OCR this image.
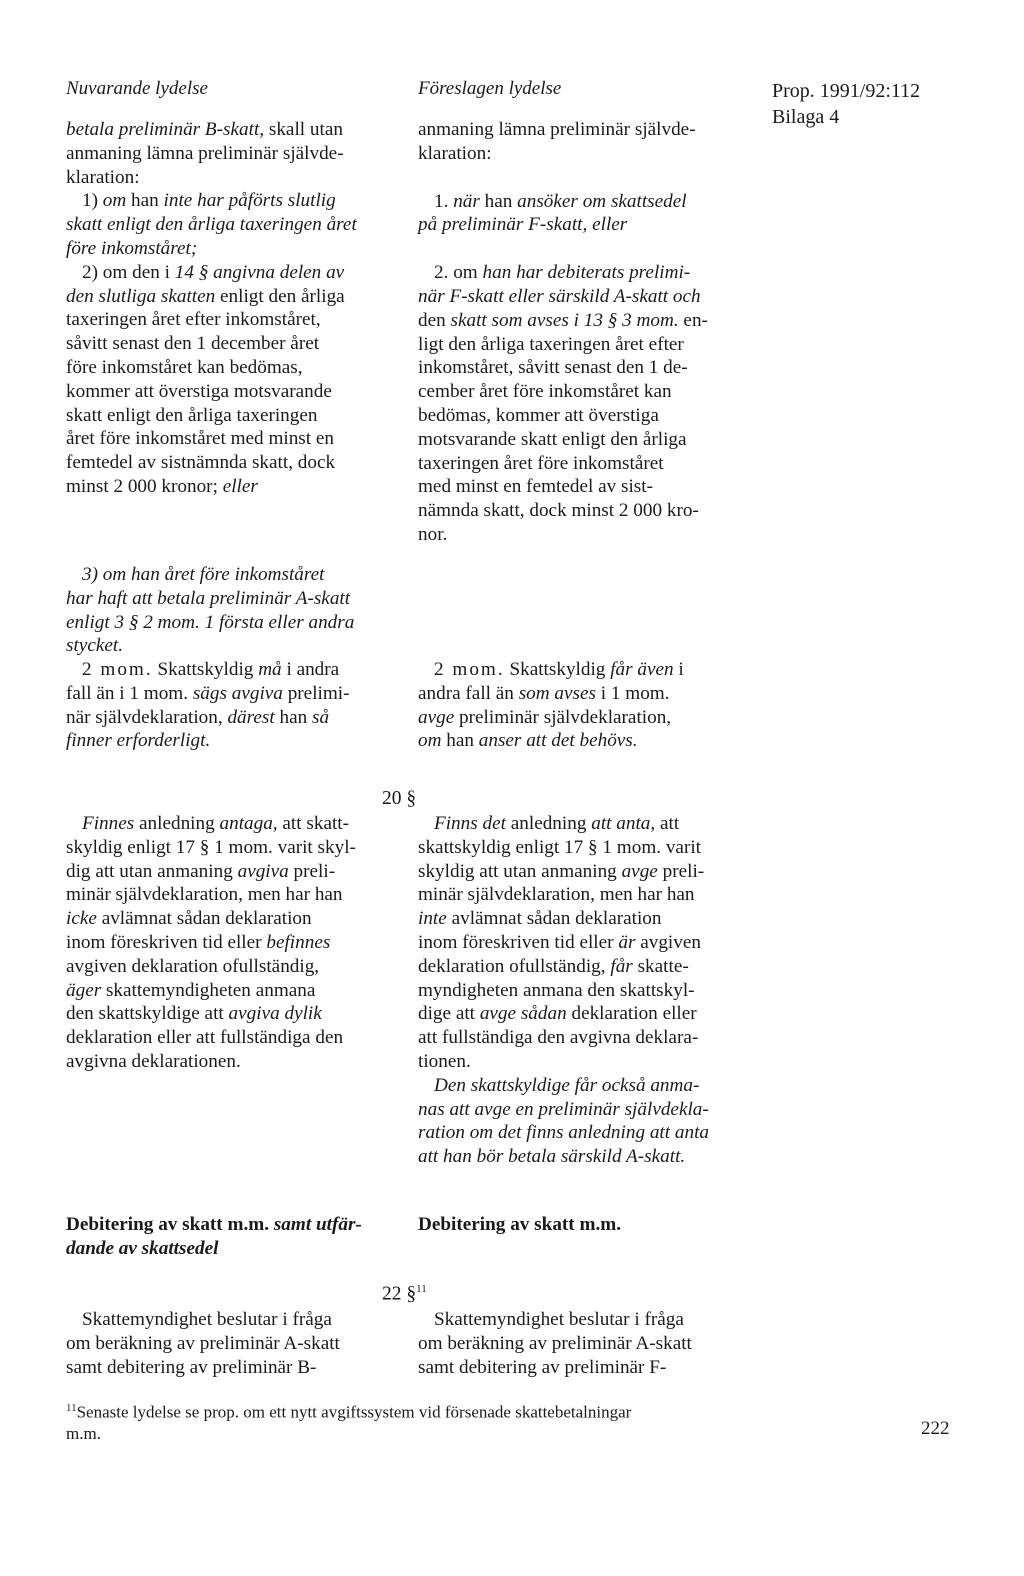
Nuvarande lydelse	Föreslagen lydelse	Prop. 1991/92:112
Bilaga 4

betala preliminär B-skatt, skall utan

anmaning lämna preliminär självde-

klaration:

1) om han inte har påförts slutlig

skatt enligt den årliga taxeringen året

före inkomståret;

2) om den i 14 § angivna delen av

den slutliga skatten enligt den årliga

taxeringen året efter inkomståret,

såvitt senast den 1 december året

före inkomståret kan bedömas,

kommer att överstiga motsvarande

skatt enligt den årliga taxeringen

året före inkomståret med minst en

femtedel av sistnämnda skatt, dock

minst 2 000 kronor; eller

3) om han året före inkomståret

har haft att betala preliminär A-skatt

enligt 3 § 2 mom. 1 första eller andra

stycket.

anmaning lämna preliminär självde-

klaration:

1. när han ansöker om skattsedel

på preliminär F-skatt, eller

2. om han har debiterats prelimi-

när F-skatt eller särskild A-skatt och

den skatt som avses i 13 § 3 mom. en-

ligt den årliga taxeringen året efter

inkomståret, såvitt senast den 1 de-

cember året före inkomståret kan

bedömas, kommer att överstiga

motsvarande skatt enligt den årliga

taxeringen året före inkomståret

med minst en femtedel av sist-

nämnda skatt, dock minst 2 000 kro-

nor.

2 mom. Skattskyldig må i andra

fall än i 1 mom. sägs avgiva prelimi-

när självdeklaration, därest han så

finner erforderligt.

2 mom. Skattskyldig får även i

andra fall än som avses i 1 mom.

avge preliminär självdeklaration,

om han anser att det behövs.

20 §

Finnes anledning antaga, att skatt-

skyldig enligt 17 § 1 mom. varit skyl-

dig att utan anmaning avgiva preli-

minär självdeklaration, men har han

icke avlämnat sådan deklaration

inom föreskriven tid eller befinnes

avgiven deklaration ofullständig,

äger skattemyndigheten anmana

den skattskyldige att avgiva dylik

deklaration eller att fullständiga den

avgivna deklarationen.

Finns det anledning att anta, att

skattskyldig enligt 17 § 1 mom. varit

skyldig att utan anmaning avge preli-

minär självdeklaration, men har han

inte avlämnat sådan deklaration

inom föreskriven tid eller är avgiven

deklaration ofullständig, får skatte-

myndigheten anmana den skattskyl-

dige att avge sådan deklaration eller

att fullständiga den avgivna deklara-

tionen.

Den skattskyldige får också anma-

nas att avge en preliminär självdekla-

ration om det finns anledning att anta

att han bör betala särskild A-skatt.

Debitering av skatt m.m. samt utfär-

dande av skattsedel

Debitering av skatt m.m.
22 §$^{11}$

Skattemyndighet beslutar i fråga

om beräkning av preliminär A-skatt

samt debitering av preliminär B-

Skattemyndighet beslutar i fråga

om beräkning av preliminär A-skatt

samt debitering av preliminär F-

$^{11}$Senaste lydelse se prop. om ett nytt avgiftssystem vid försenade skattebetalningar
m.m.	222
